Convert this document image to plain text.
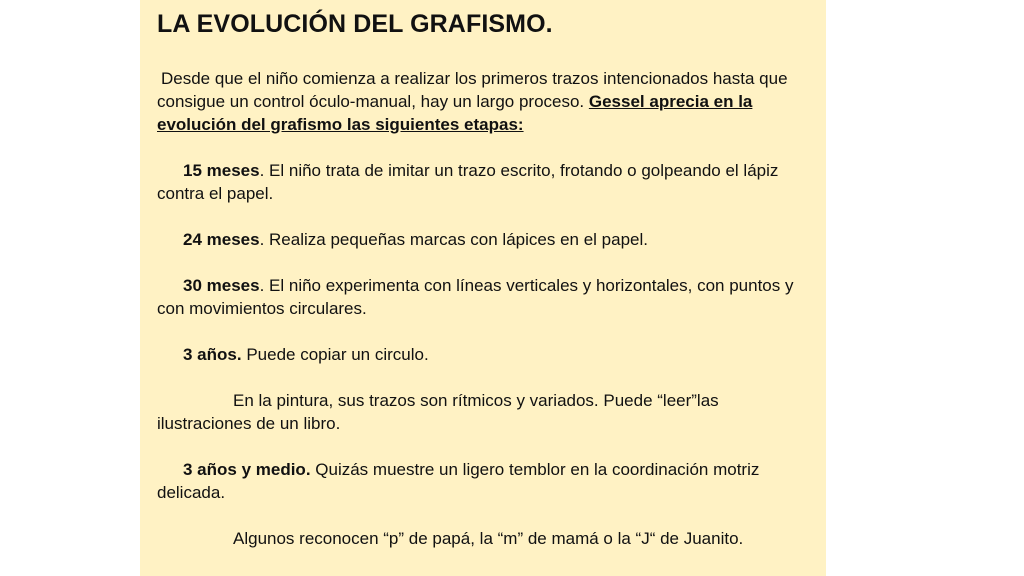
LA EVOLUCIÓN DEL GRAFISMO.

Desde que el niño comienza a realizar los primeros trazos intencionados hasta que consigue un control óculo-manual, hay un largo proceso. Gessel aprecia en la evolución del grafismo las siguientes etapas:

15 meses. El niño trata de imitar un trazo escrito, frotando o golpeando el lápiz contra el papel.

24 meses. Realiza pequeñas marcas con lápices en el papel.

30 meses. El niño experimenta con líneas verticales y horizontales, con puntos y con movimientos circulares.

3 años. Puede copiar un circulo.

En la pintura, sus trazos son rítmicos y variados. Puede “leer”las ilustraciones de un libro.

3 años y medio. Quizás muestre un ligero temblor en la coordinación motriz delicada.

Algunos reconocen “p” de papá, la “m” de mamá o la “J“ de Juanito.
